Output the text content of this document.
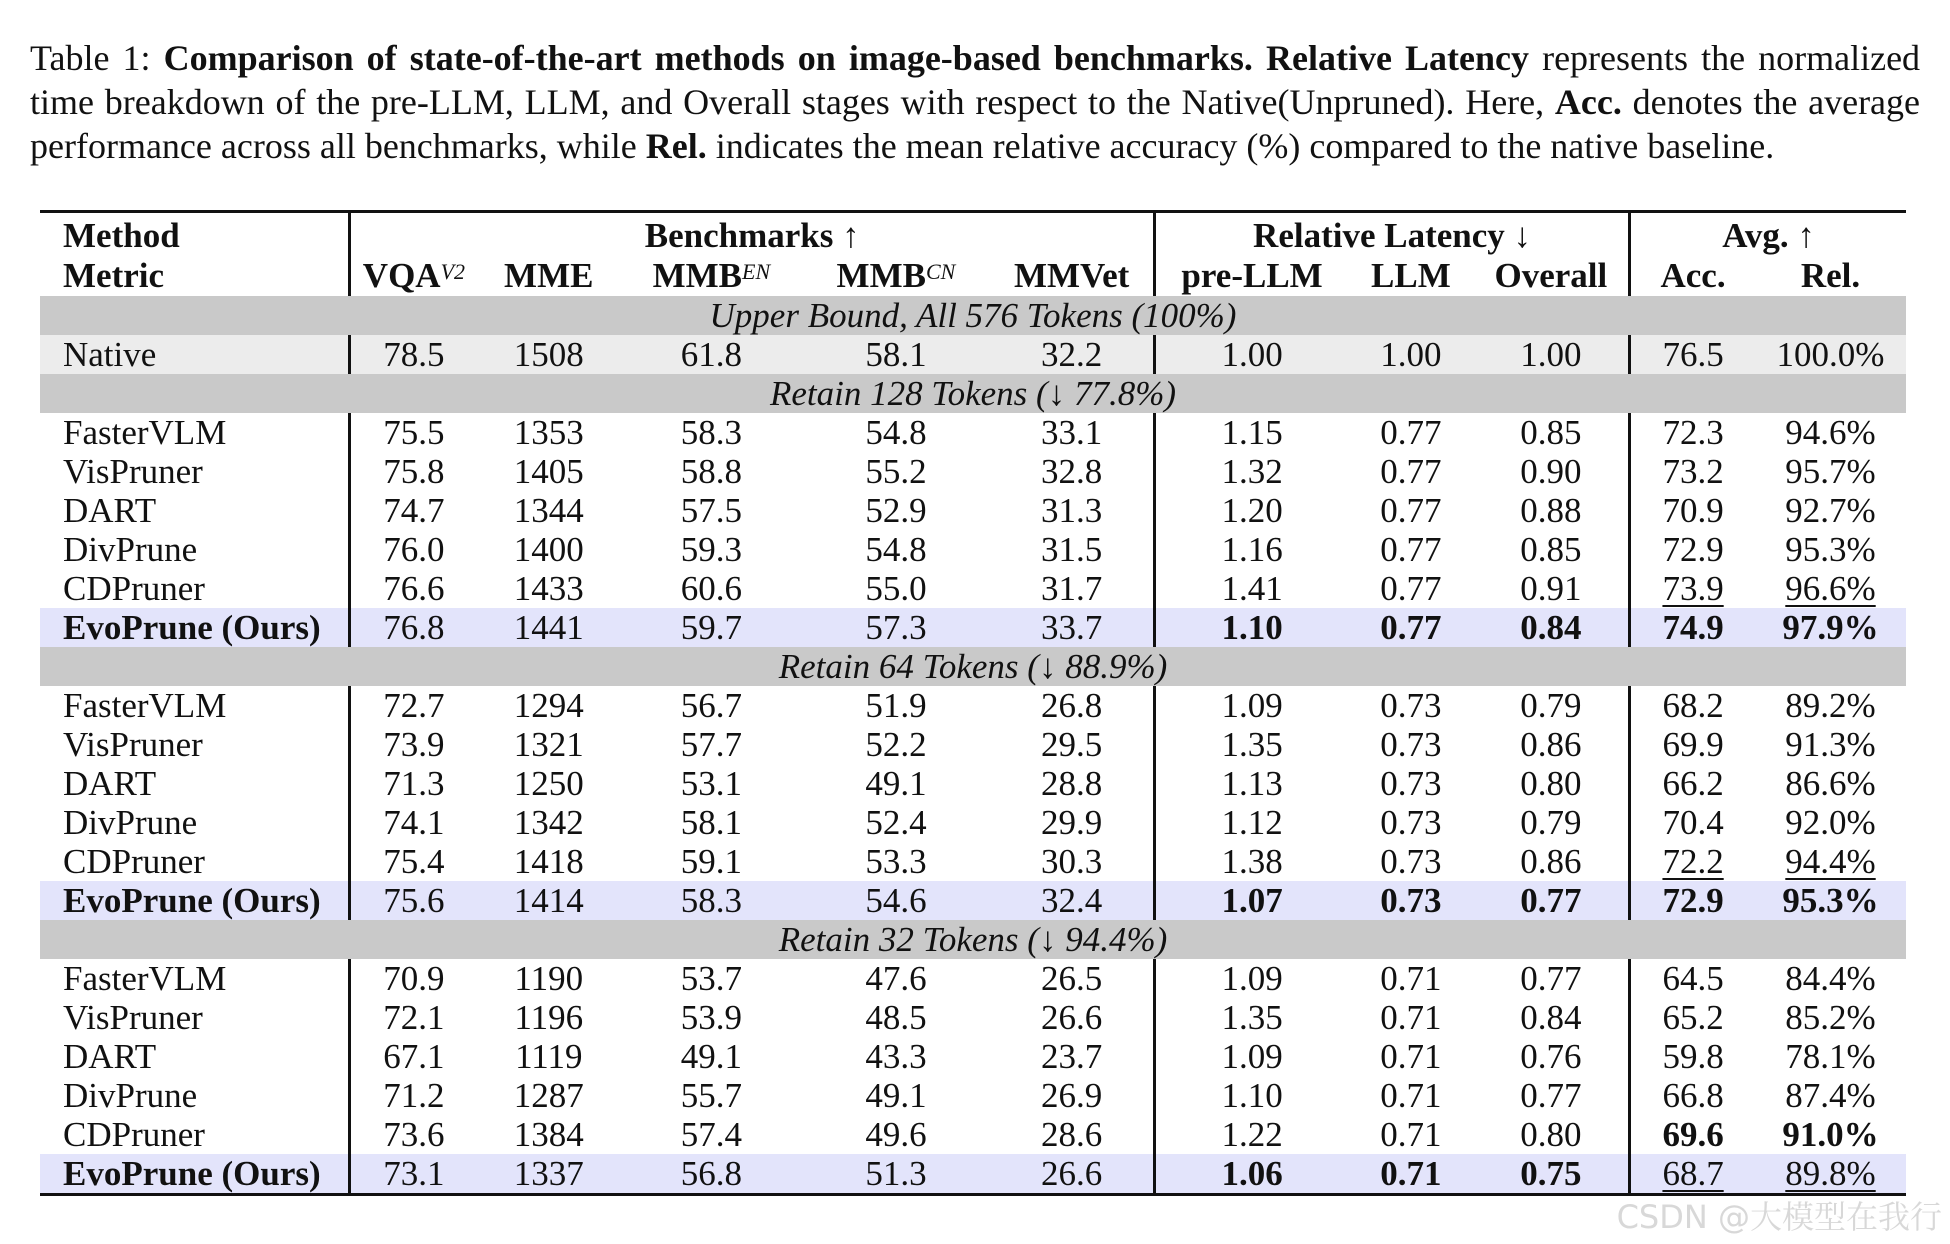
Table 1: Comparison of state-of-the-art methods on image-based benchmarks. Relative Latency represents the normalized time breakdown of the pre-LLM, LLM, and Overall stages with respect to the Native(Unpruned). Here, Acc. denotes the average performance across all benchmarks, while Rel. indicates the mean relative accuracy (%) compared to the native baseline.

Method	Benchmarks ↑					Relative Latency ↓			Avg. ↑	
Metric	$VQA^{V2}$	MME	$MMB^{EN}$	$MMB^{CN}$	MMVet	pre-LLM	LLM	Overall	Acc.	Rel.
Upper Bound, All 576 Tokens (100%)										
Native	78.5	1508	61.8	58.1	32.2	1.00	1.00	1.00	76.5	100.0%
Retain 128 Tokens (↓ 77.8%)										
FasterVLM	75.5	1353	58.3	54.8	33.1	1.15	0.77	0.85	72.3	94.6%
VisPruner	75.8	1405	58.8	55.2	32.8	1.32	0.77	0.90	73.2	95.7%
DART	74.7	1344	57.5	52.9	31.3	1.20	0.77	0.88	70.9	92.7%
DivPrune	76.0	1400	59.3	54.8	31.5	1.16	0.77	0.85	72.9	95.3%
CDPruner	76.6	1433	60.6	55.0	31.7	1.41	0.77	0.91	73.9	96.6%
EvoPrune (Ours)	76.8	1441	59.7	57.3	33.7	1.10	0.77	0.84	74.9	97.9%
Retain 64 Tokens (↓ 88.9%)										
FasterVLM	72.7	1294	56.7	51.9	26.8	1.09	0.73	0.79	68.2	89.2%
VisPruner	73.9	1321	57.7	52.2	29.5	1.35	0.73	0.86	69.9	91.3%
DART	71.3	1250	53.1	49.1	28.8	1.13	0.73	0.80	66.2	86.6%
DivPrune	74.1	1342	58.1	52.4	29.9	1.12	0.73	0.79	70.4	92.0%
CDPruner	75.4	1418	59.1	53.3	30.3	1.38	0.73	0.86	72.2	94.4%
EvoPrune (Ours)	75.6	1414	58.3	54.6	32.4	1.07	0.73	0.77	72.9	95.3%
Retain 32 Tokens (↓ 94.4%)										
FasterVLM	70.9	1190	53.7	47.6	26.5	1.09	0.71	0.77	64.5	84.4%
VisPruner	72.1	1196	53.9	48.5	26.6	1.35	0.71	0.84	65.2	85.2%
DART	67.1	1119	49.1	43.3	23.7	1.09	0.71	0.76	59.8	78.1%
DivPrune	71.2	1287	55.7	49.1	26.9	1.10	0.71	0.77	66.8	87.4%
CDPruner	73.6	1384	57.4	49.6	28.6	1.22	0.71	0.80	69.6	91.0%
EvoPrune (Ours)	73.1	1337	56.8	51.3	26.6	1.06	0.71	0.75	68.7	89.8%
CSDN @大模型在我行
